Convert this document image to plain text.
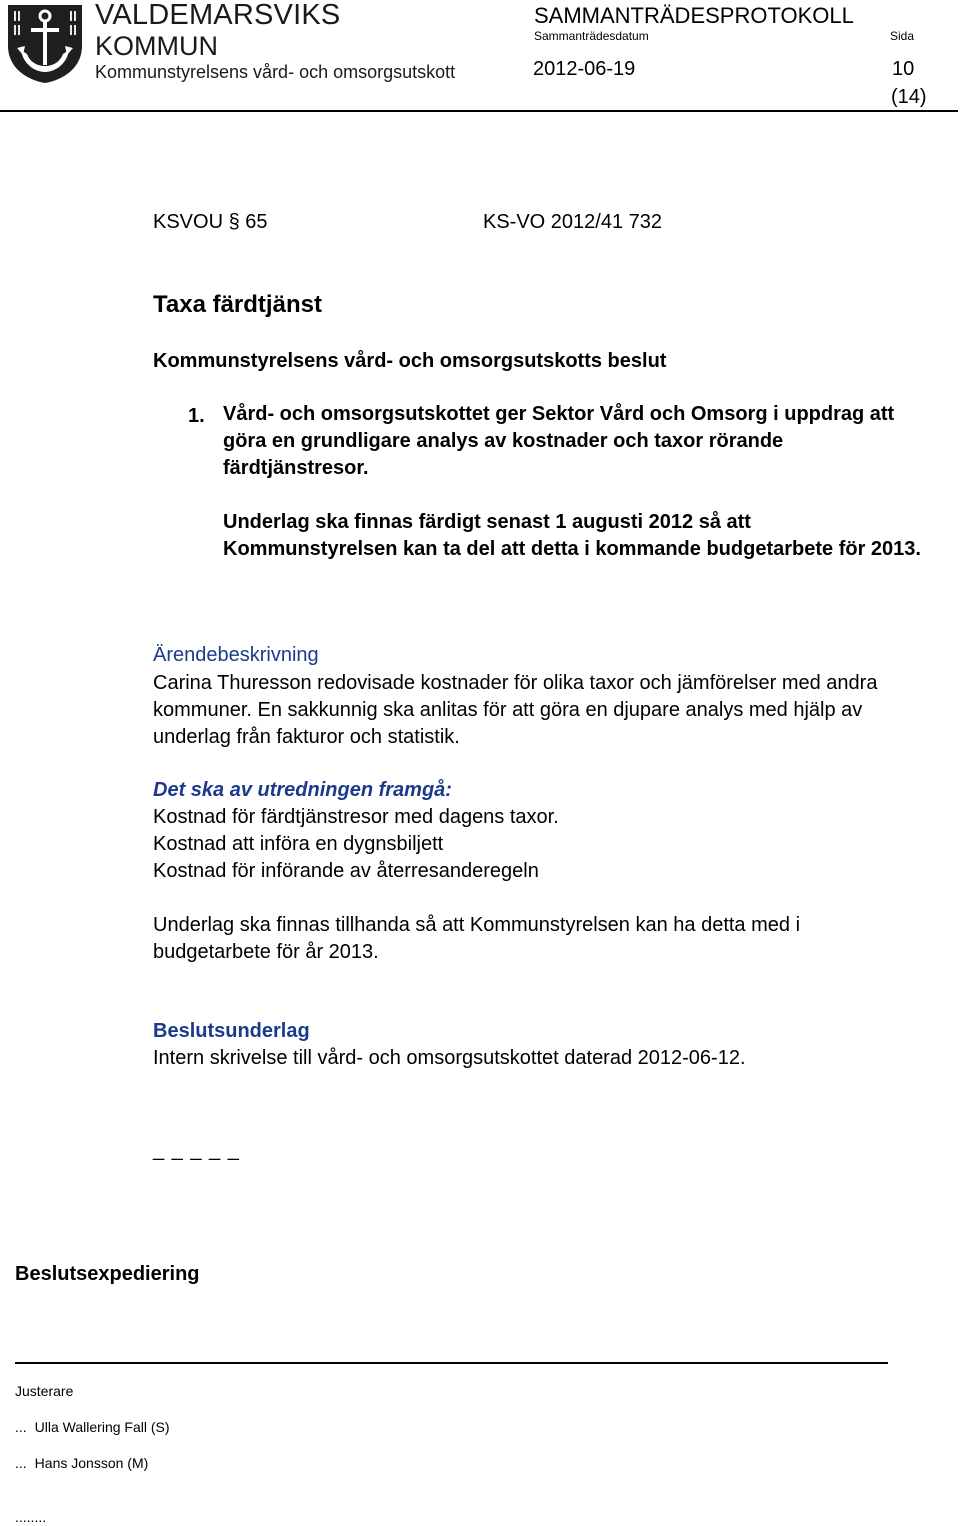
VALDEMARSVIKS
KOMMUN
Kommunstyrelsens vård- och omsorgsutskott
SAMMANTRÄDESPROTOKOLL
Sammanträdesdatum	Sida
2012-06-19	10
(14)
KSVOU § 65	KS-VO 2012/41 732
Taxa färdtjänst
Kommunstyrelsens vård- och omsorgsutskotts beslut
1. Vård- och omsorgsutskottet ger Sektor Vård och Omsorg i uppdrag att göra en grundligare analys av kostnader och taxor rörande färdtjänstresor.
Underlag ska finnas färdigt senast 1 augusti 2012 så att Kommunstyrelsen kan ta del att detta i kommande budgetarbete för 2013.
Ärendebeskrivning
Carina Thuresson redovisade kostnader för olika taxor och jämförelser med andra kommuner. En sakkunnig ska anlitas för att göra en djupare analys med hjälp av underlag från fakturor och statistik.
Det ska av utredningen framgå:
Kostnad för färdtjänstresor med dagens taxor.
Kostnad att införa en dygnsbiljett
Kostnad för införande av återresanderegeln
Underlag ska finnas tillhanda så att Kommunstyrelsen kan ha detta med i budgetarbete för år 2013.
Beslutsunderlag
Intern skrivelse till vård- och omsorgsutskottet daterad 2012-06-12.
_ _ _ _ _
Beslutsexpediering
Justerare
... Ulla Wallering Fall (S)
... Hans Jonsson (M)
........
